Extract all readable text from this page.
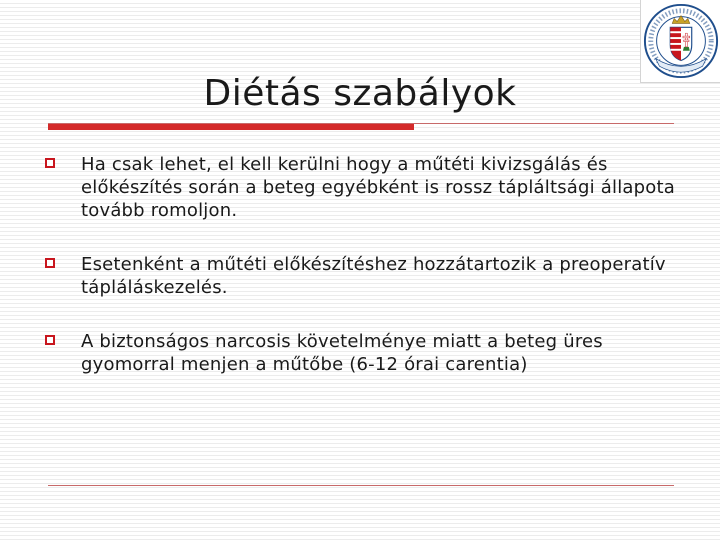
Diétás szabályok
Ha csak lehet, el kell kerülni hogy a műtéti kivizsgálás és előkészítés során a beteg egyébként is rossz tápláltsági állapota tovább romoljon.
Esetenként a műtéti előkészítéshez hozzátartozik a preoperatív tápláláskezelés.
A biztonságos narcosis követelménye miatt a beteg üres gyomorral menjen a műtőbe (6-12 órai carentia)
